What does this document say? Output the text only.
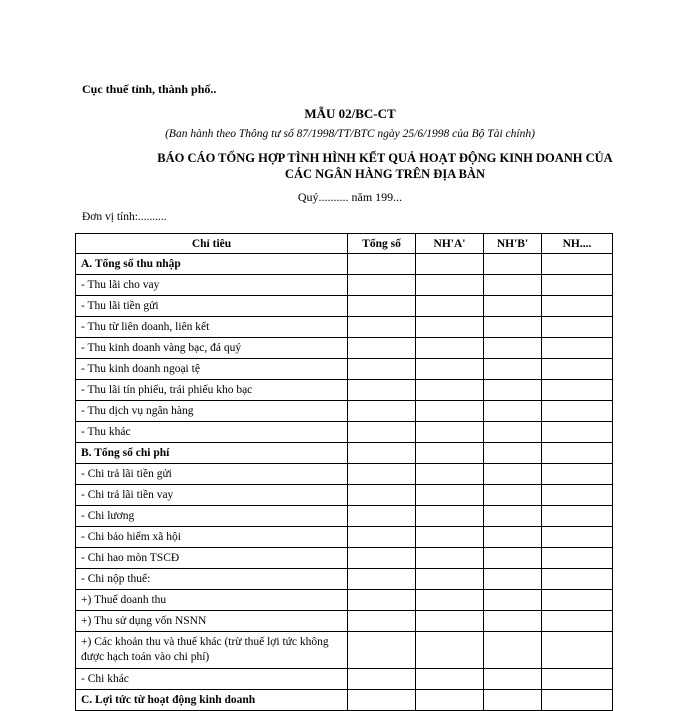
Cục thuế tỉnh, thành phố..
MẪU 02/BC-CT
(Ban hành theo Thông tư số 87/1998/TT/BTC ngày 25/6/1998 của Bộ Tài chính)
BÁO CÁO TỔNG HỢP TÌNH HÌNH KẾT QUẢ HOẠT ĐỘNG KINH DOANH CỦA CÁC NGÂN HÀNG TRÊN ĐỊA BÀN
Quý.......... năm 199...
Đơn vị tính:..........
Chỉ tiêu	Tổng số	NH'A'	NH'B'	NH....
A. Tổng số thu nhập				
- Thu lãi cho vay				
- Thu lãi tiền gửi				
- Thu từ liên doanh, liên kết				
- Thu kinh doanh vàng bạc, đá quý				
- Thu kinh doanh ngoại tệ				
- Thu lãi tín phiếu, trái phiếu kho bạc				
- Thu dịch vụ ngân hàng				
- Thu khác				
B. Tổng số chi phí				
- Chi trả lãi tiền gửi				
- Chi trả lãi tiền vay				
- Chi lương				
- Chi bảo hiểm xã hội				
- Chi hao mòn TSCĐ				
- Chi nộp thuế:				
+) Thuế doanh thu				
+) Thu sử dụng vốn NSNN				
+) Các khoản thu và thuế khác (trừ thuế lợi tức không được hạch toán vào chi phí)				
- Chi khác				
C. Lợi tức từ hoạt động kinh doanh				
